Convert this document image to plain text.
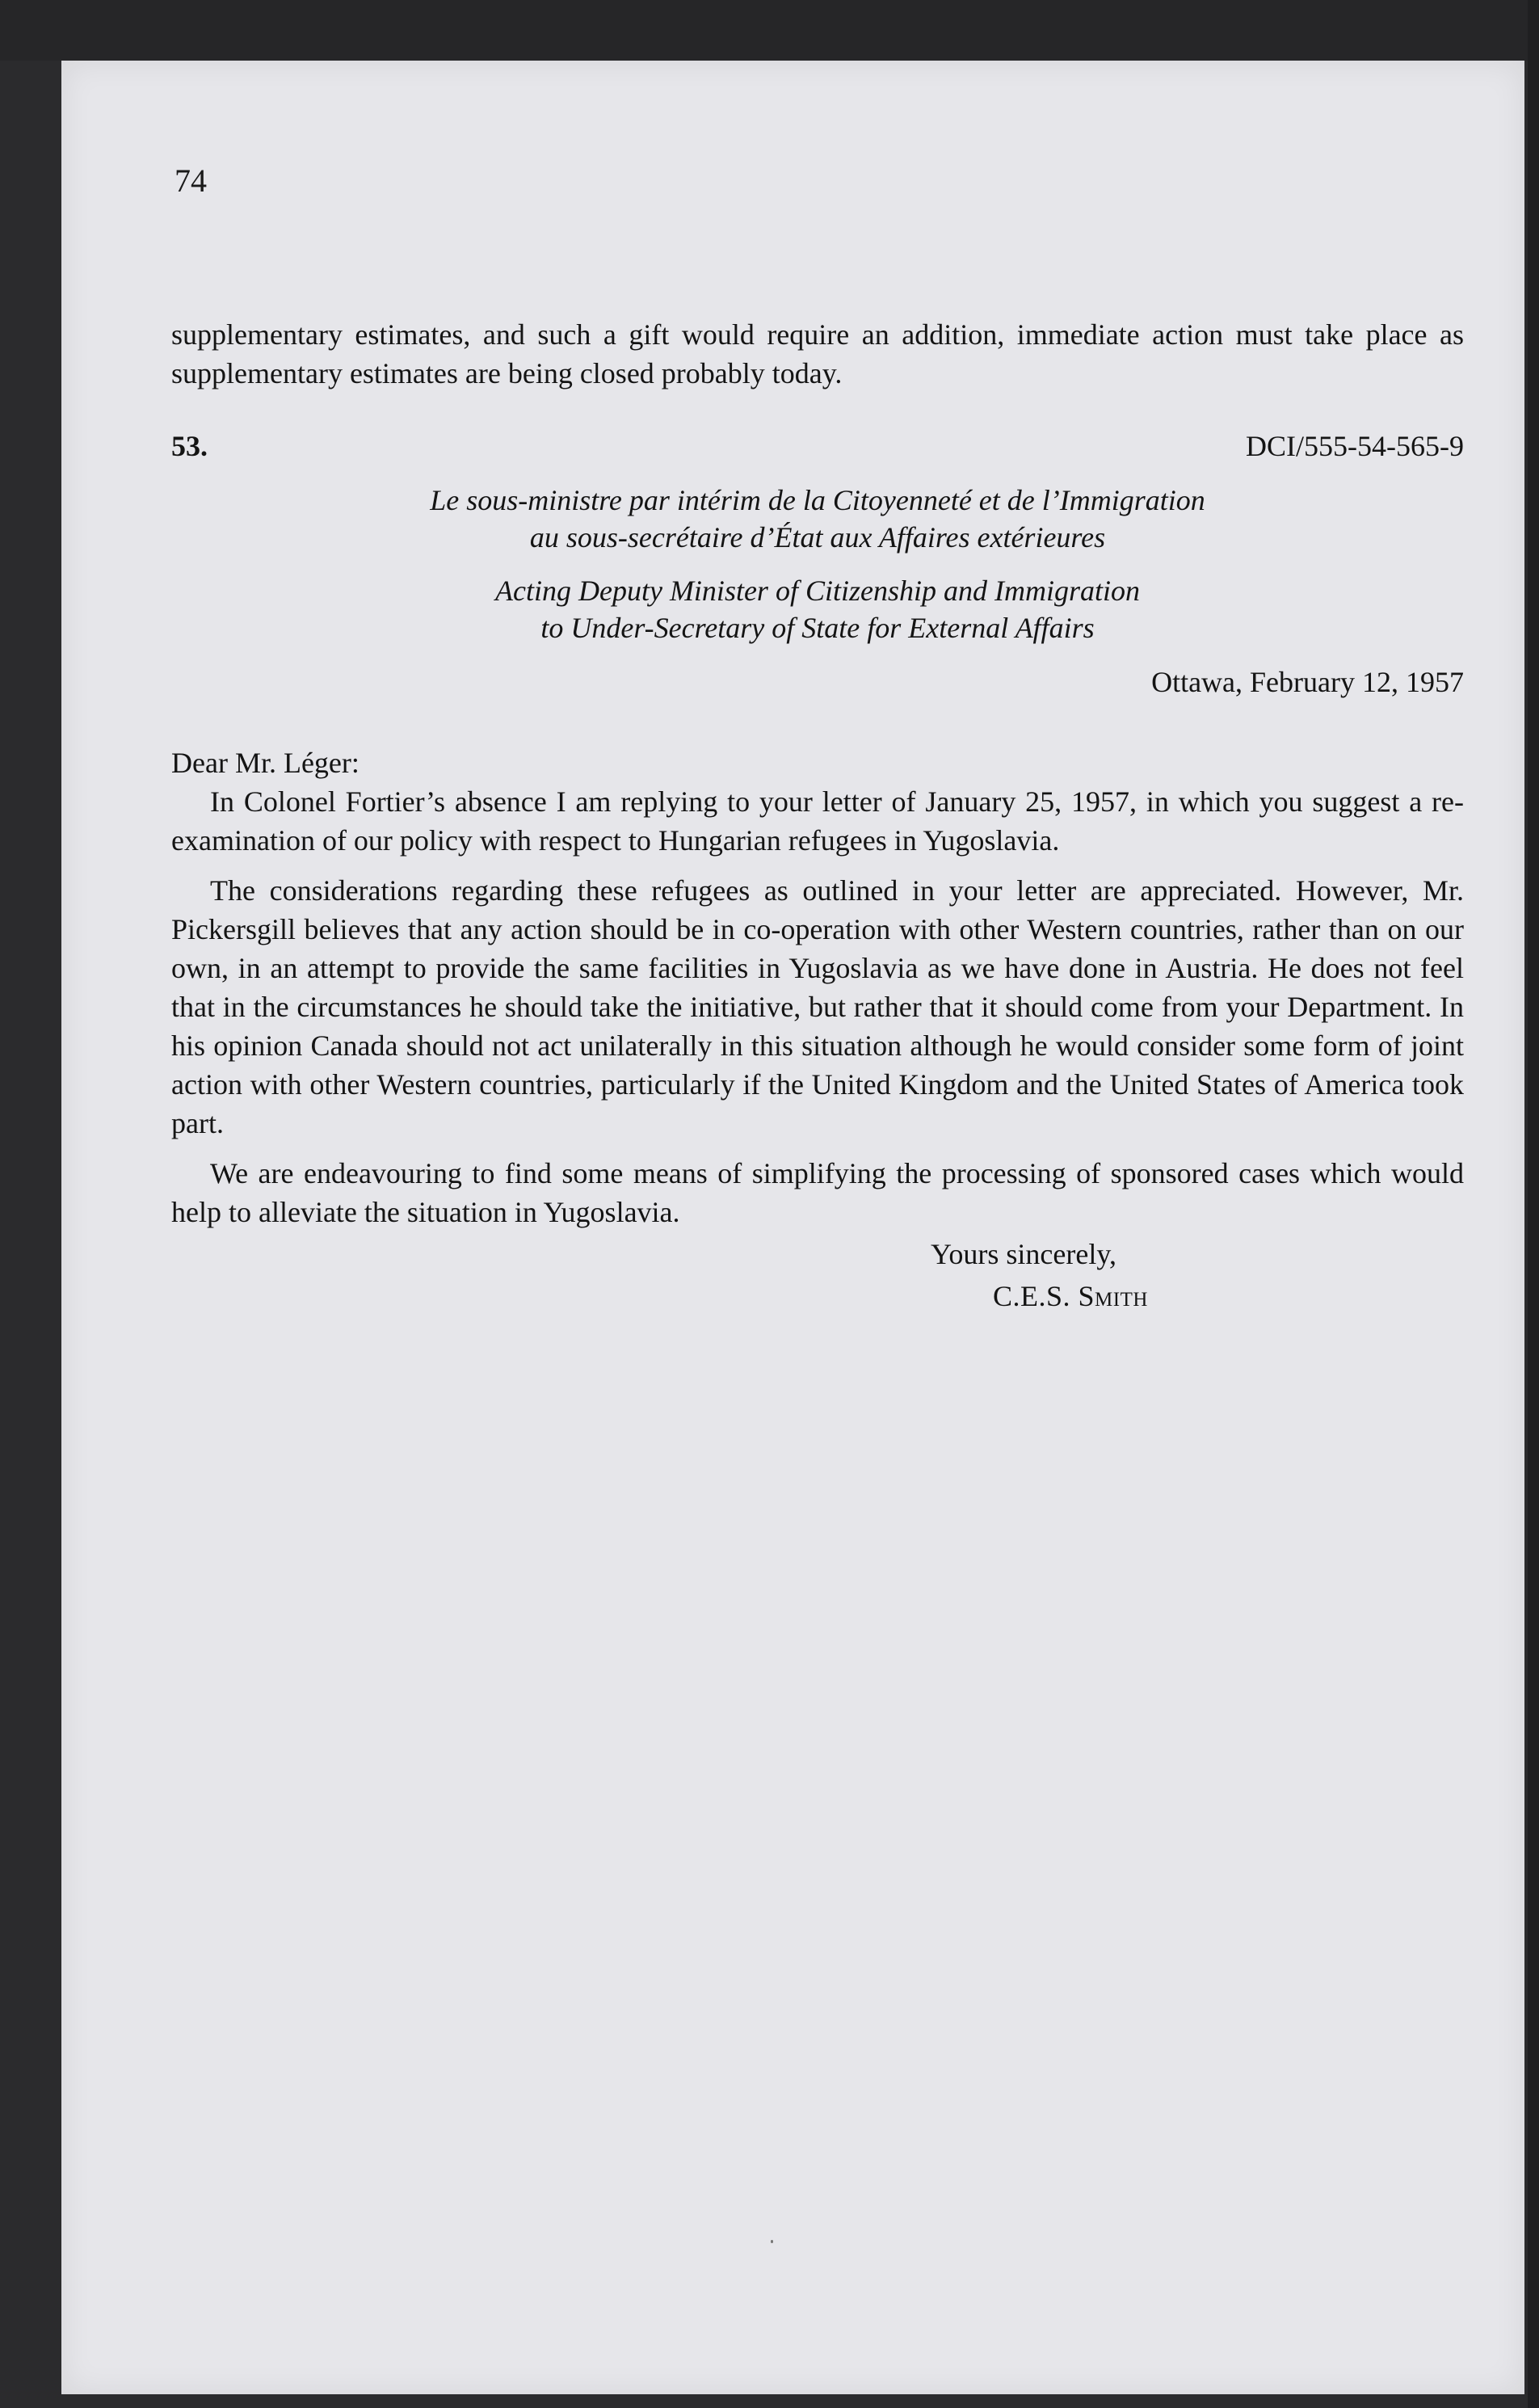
74

supplementary estimates, and such a gift would require an addition, immediate action must take place as supplementary estimates are being closed probably today.

53.	DCI/555-54-565-9
Le sous-ministre par intérim de la Citoyenneté et de l’Immigration
au sous-secrétaire d’État aux Affaires extérieures
Acting Deputy Minister of Citizenship and Immigration
to Under-Secretary of State for External Affairs
Ottawa, February 12, 1957
Dear Mr. Léger:

In Colonel Fortier’s absence I am replying to your letter of January 25, 1957, in which you suggest a re-examination of our policy with respect to Hungarian refugees in Yugoslavia.

The considerations regarding these refugees as outlined in your letter are appreciated. However, Mr. Pickersgill believes that any action should be in co-operation with other Western countries, rather than on our own, in an attempt to provide the same facilities in Yugoslavia as we have done in Austria. He does not feel that in the circumstances he should take the initiative, but rather that it should come from your Department. In his opinion Canada should not act unilaterally in this situation although he would consider some form of joint action with other Western countries, particularly if the United Kingdom and the United States of America took part.

We are endeavouring to find some means of simplifying the processing of sponsored cases which would help to alleviate the situation in Yugoslavia.

Yours sincerely,
C.E.S. Smith
